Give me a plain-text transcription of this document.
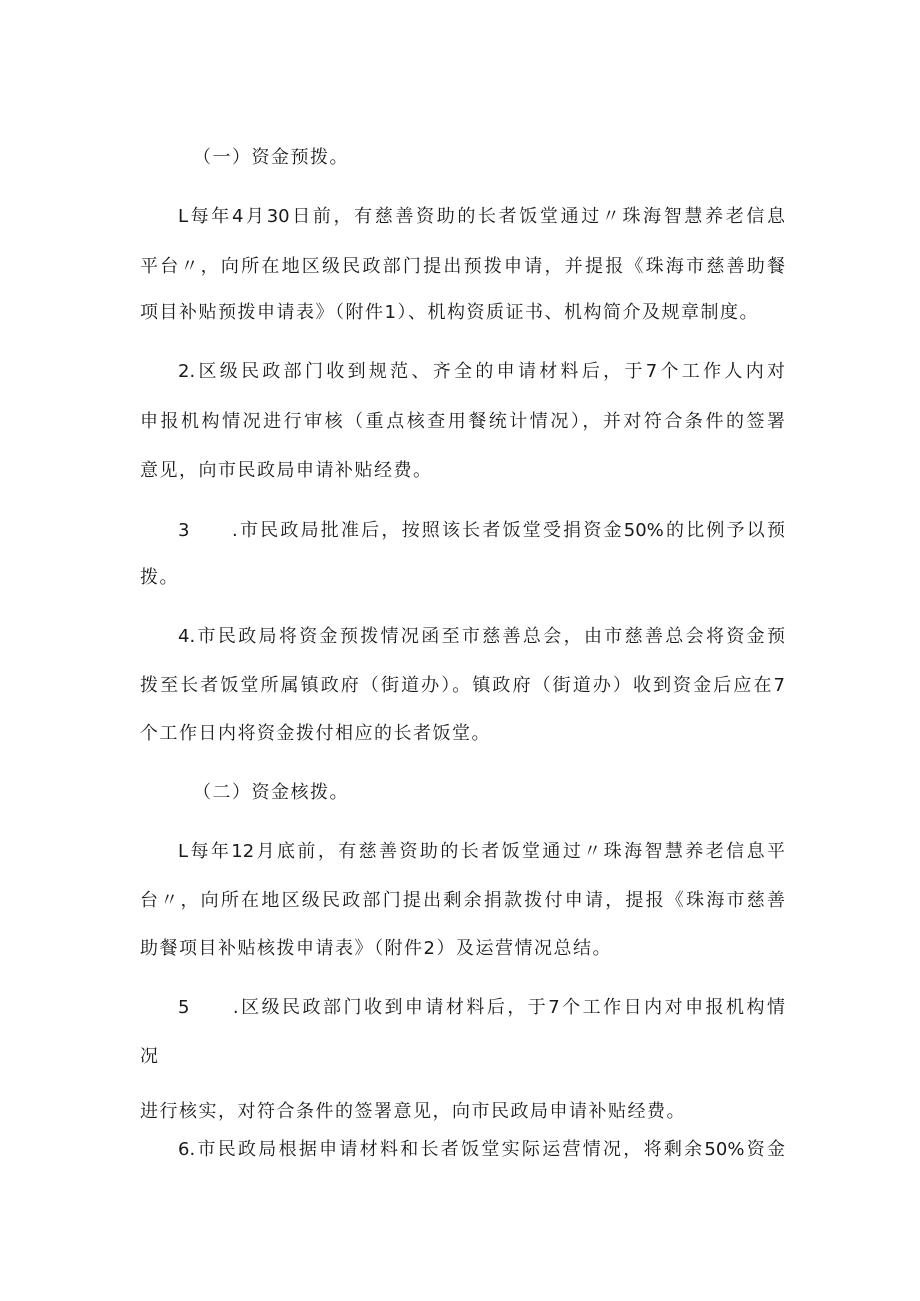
（一）资金预拨。
L每年4月30日前，有慈善资助的长者饭堂通过〃珠海智慧养老信息
平台〃，向所在地区级民政部门提出预拨申请，并提报《珠海市慈善助餐
项目补贴预拨申请表》（附件1）、机构资质证书、机构简介及规章制度。
2.区级民政部门收到规范、齐全的申请材料后，于7个工作人内对
申报机构情况进行审核（重点核查用餐统计情况），并对符合条件的签署
意见，向市民政局申请补贴经费。
3　　.市民政局批准后，按照该长者饭堂受捐资金50%的比例予以预
拨。
4.市民政局将资金预拨情况函至市慈善总会，由市慈善总会将资金预
拨至长者饭堂所属镇政府（街道办）。镇政府（街道办）收到资金后应在7
个工作日内将资金拨付相应的长者饭堂。
（二）资金核拨。
L每年12月底前，有慈善资助的长者饭堂通过〃珠海智慧养老信息平
台〃，向所在地区级民政部门提出剩余捐款拨付申请，提报《珠海市慈善
助餐项目补贴核拨申请表》（附件2）及运营情况总结。
5　　.区级民政部门收到申请材料后，于7个工作日内对申报机构情
况
进行核实，对符合条件的签署意见，向市民政局申请补贴经费。
6.市民政局根据申请材料和长者饭堂实际运营情况，将剩余50%资金
